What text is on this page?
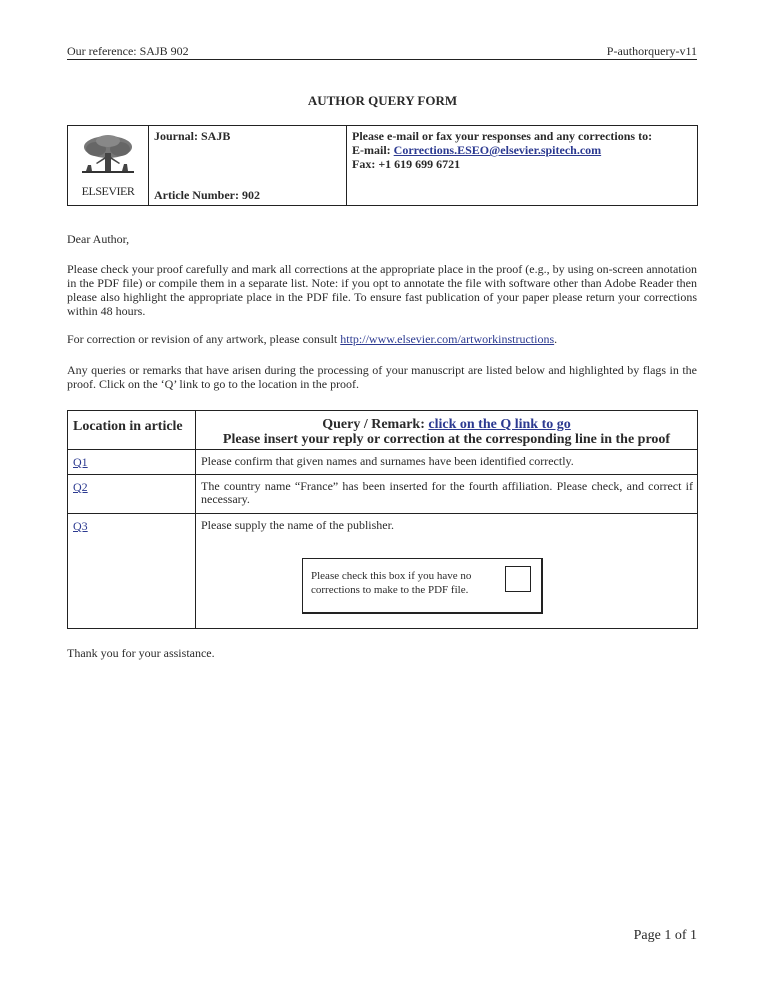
Our reference: SAJB 902	P-authorquery-v11
AUTHOR QUERY FORM
ELSEVIER
Journal: SAJB
Article Number: 902
Please e-mail or fax your responses and any corrections to:
E-mail: Corrections.ESEO@elsevier.spitech.com
Fax: +1 619 699 6721
Dear Author,
Please check your proof carefully and mark all corrections at the appropriate place in the proof (e.g., by using on-screen annotation in the PDF file) or compile them in a separate list. Note: if you opt to annotate the file with software other than Adobe Reader then please also highlight the appropriate place in the PDF file. To ensure fast publication of your paper please return your corrections within 48 hours.
For correction or revision of any artwork, please consult http://www.elsevier.com/artworkinstructions.
Any queries or remarks that have arisen during the processing of your manuscript are listed below and highlighted by flags in the proof. Click on the ‘Q’ link to go to the location in the proof.
Location in article	Query / Remark: click on the Q link to go
Please insert your reply or correction at the corresponding line in the proof
Q1	Please confirm that given names and surnames have been identified correctly.
Q2	The country name “France” has been inserted for the fourth affiliation. Please check, and correct if necessary.
Q3	Please supply the name of the publisher.
Please check this box if you have no corrections to make to the PDF file.
Thank you for your assistance.
Page 1 of 1
